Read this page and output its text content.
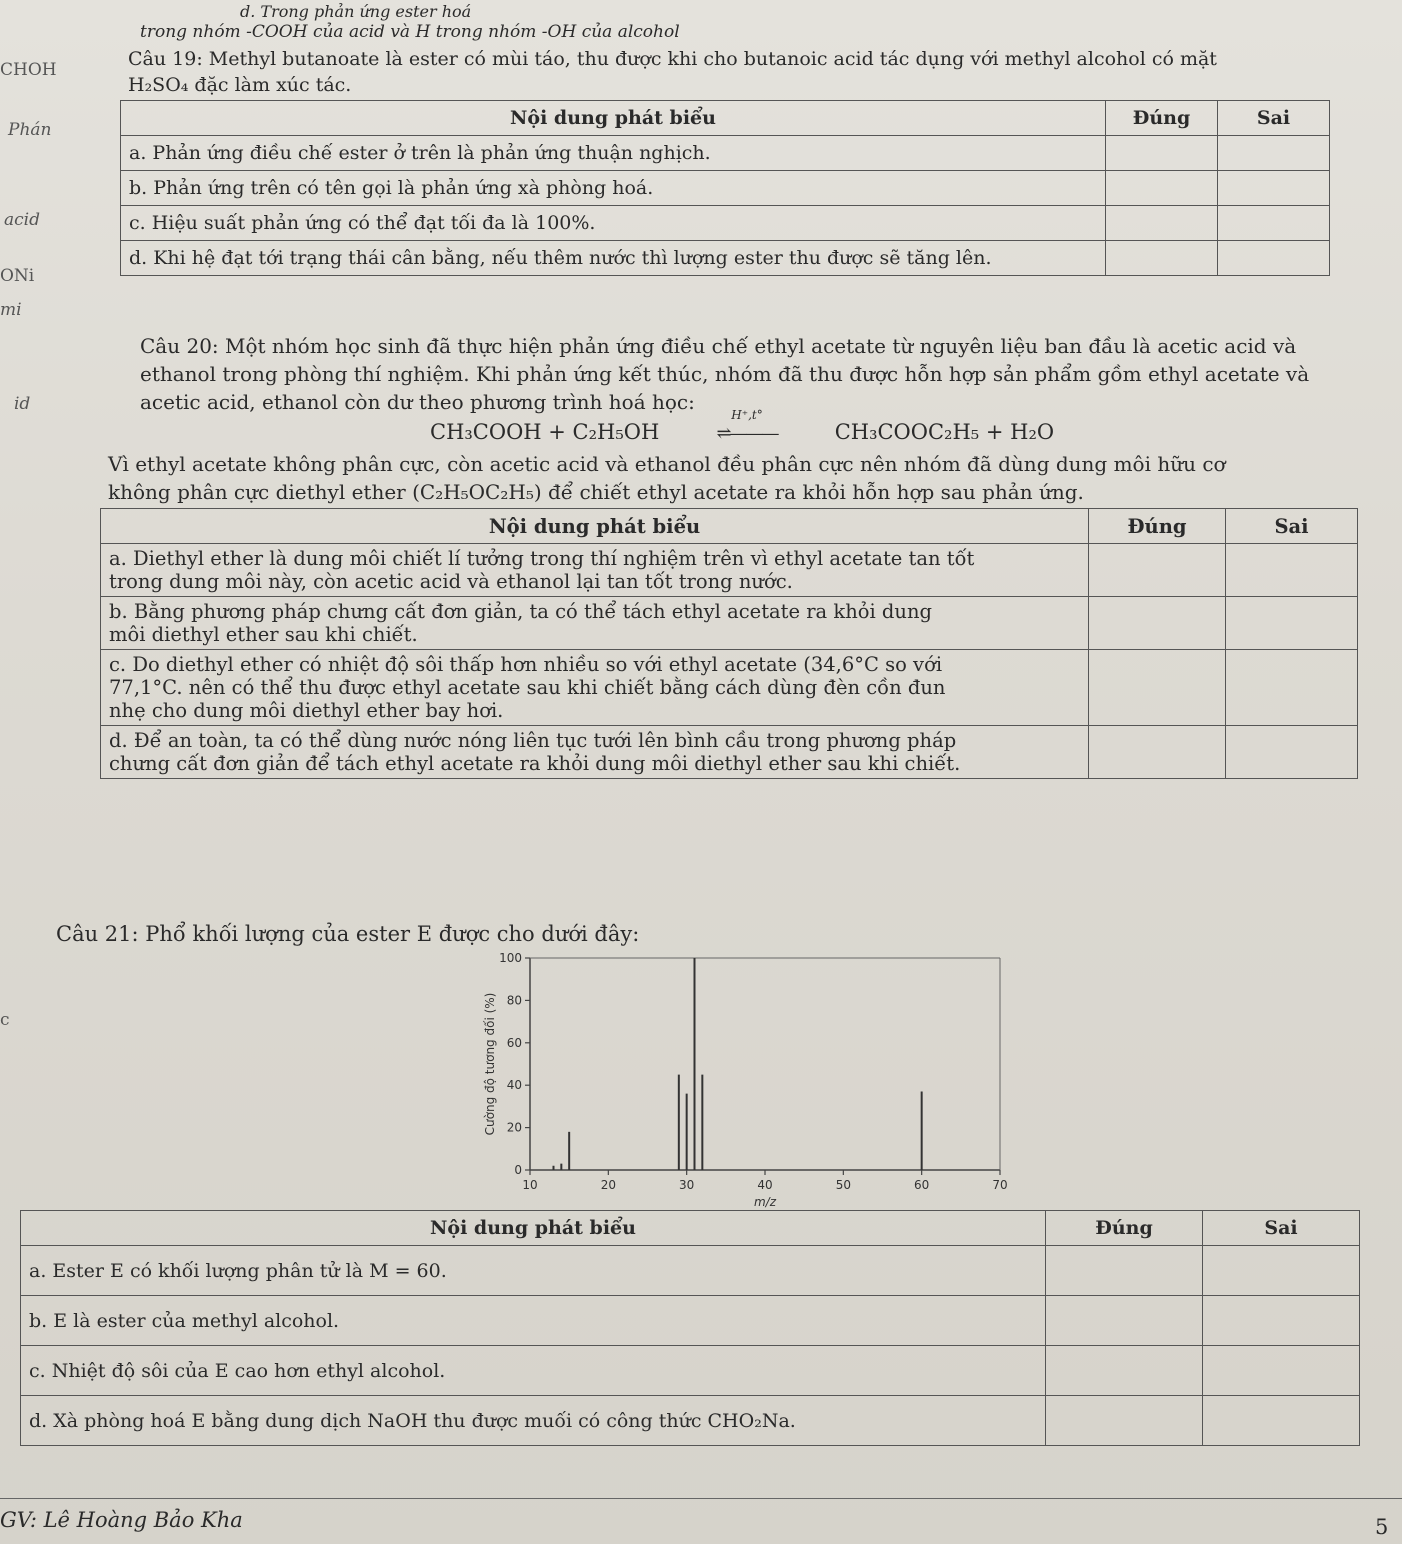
CHOH
Phán
acid
ONi
mi
id
c
d. Trong phản ứng ester hoá
trong nhóm -COOH của acid và H trong nhóm -OH của alcohol
Câu 19: Methyl butanoate là ester có mùi táo, thu được khi cho butanoic acid tác dụng với methyl alcohol có mặt
H₂SO₄ đặc làm xúc tác.
Nội dung phát biểu	Đúng	Sai
a. Phản ứng điều chế ester ở trên là phản ứng thuận nghịch.		
b. Phản ứng trên có tên gọi là phản ứng xà phòng hoá.		
c. Hiệu suất phản ứng có thể đạt tối đa là 100%.		
d. Khi hệ đạt tới trạng thái cân bằng, nếu thêm nước thì lượng ester thu được sẽ tăng lên.		
Câu 20: Một nhóm học sinh đã thực hiện phản ứng điều chế ethyl acetate từ nguyên liệu ban đầu là acetic acid và
ethanol trong phòng thí nghiệm. Khi phản ứng kết thúc, nhóm đã thu được hỗn hợp sản phẩm gồm ethyl acetate và
acetic acid, ethanol còn dư theo phương trình hoá học:
CH₃COOH + C₂H₅OH
H⁺,t°
⇌———	CH₃COOC₂H₅ + H₂O
Vì ethyl acetate không phân cực, còn acetic acid và ethanol đều phân cực nên nhóm đã dùng dung môi hữu cơ
không phân cực diethyl ether (C₂H₅OC₂H₅) để chiết ethyl acetate ra khỏi hỗn hợp sau phản ứng.
Nội dung phát biểu	Đúng	Sai

a. Diethyl ether là dung môi chiết lí tưởng trong thí nghiệm trên vì ethyl acetate tan tốt
trong dung môi này, còn acetic acid và ethanol lại tan tốt trong nước.		

b. Bằng phương pháp chưng cất đơn giản, ta có thể tách ethyl acetate ra khỏi dung
môi diethyl ether sau khi chiết.		

c. Do diethyl ether có nhiệt độ sôi thấp hơn nhiều so với ethyl acetate (34,6°C so với
77,1°C. nên có thể thu được ethyl acetate sau khi chiết bằng cách dùng đèn cồn đun
nhẹ cho dung môi diethyl ether bay hơi.		

d. Để an toàn, ta có thể dùng nước nóng liên tục tưới lên bình cầu trong phương pháp
chưng cất đơn giản để tách ethyl acetate ra khỏi dung môi diethyl ether sau khi chiết.		

Câu 21: Phổ khối lượng của ester E được cho dưới đây:
0
20
40
60
80
100
10	20	30	40	50	60	70
m/z
Cường độ tương đối (%)
Nội dung phát biểu	Đúng	Sai
a. Ester E có khối lượng phân tử là M = 60.		
b. E là ester của methyl alcohol.		
c. Nhiệt độ sôi của E cao hơn ethyl alcohol.		
d. Xà phòng hoá E bằng dung dịch NaOH thu được muối có công thức CHO₂Na.		
GV: Lê Hoàng Bảo Kha	5
